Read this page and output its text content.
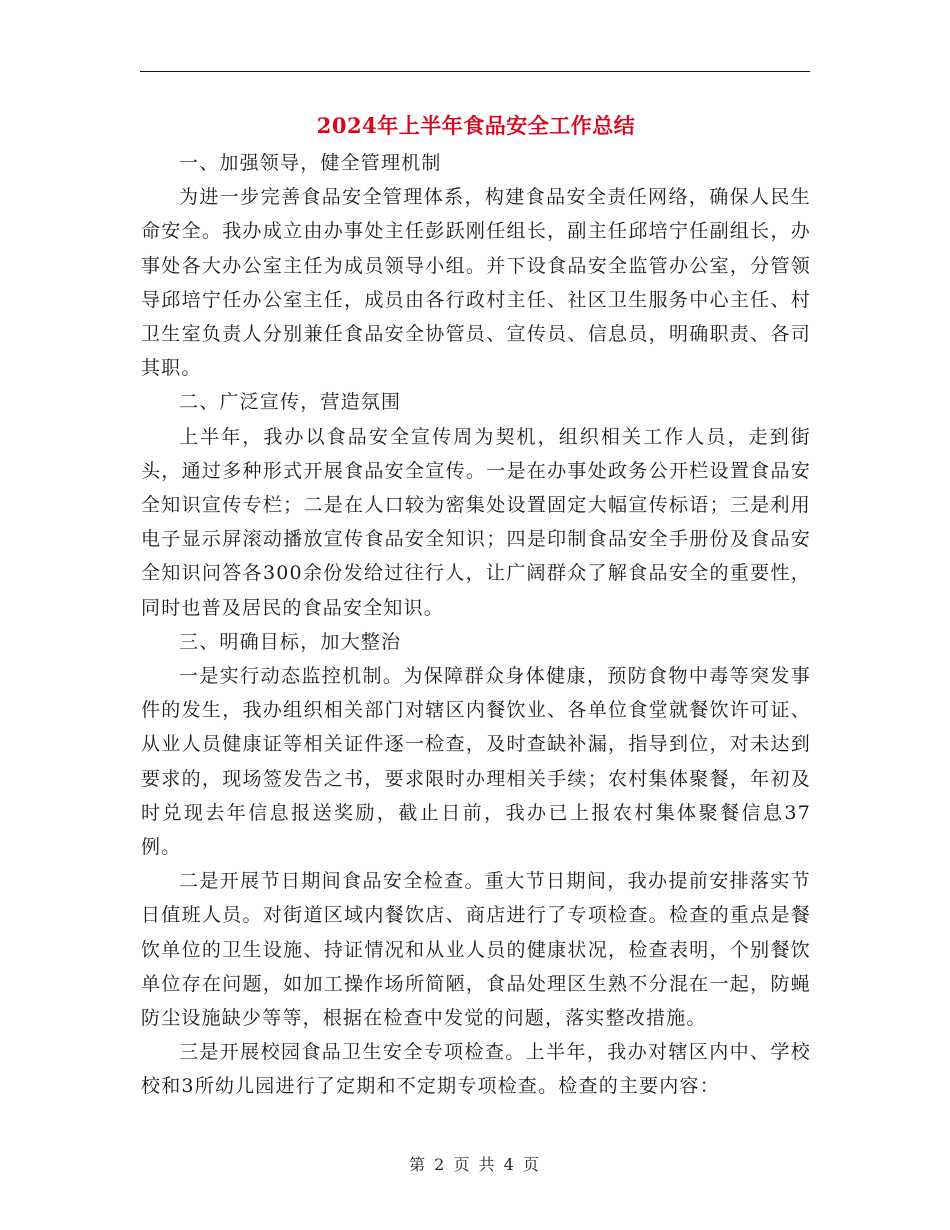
2024年上半年食品安全工作总结

一、加强领导，健全管理机制

为进一步完善食品安全管理体系，构建食品安全责任网络，确保人民生命安全。我办成立由办事处主任彭跃刚任组长，副主任邱培宁任副组长，办事处各大办公室主任为成员领导小组。并下设食品安全监管办公室，分管领导邱培宁任办公室主任，成员由各行政村主任、社区卫生服务中心主任、村卫生室负责人分别兼任食品安全协管员、宣传员、信息员，明确职责、各司其职。

二、广泛宣传，营造氛围

上半年，我办以食品安全宣传周为契机，组织相关工作人员，走到街头，通过多种形式开展食品安全宣传。一是在办事处政务公开栏设置食品安全知识宣传专栏；二是在人口较为密集处设置固定大幅宣传标语；三是利用电子显示屏滚动播放宣传食品安全知识；四是印制食品安全手册份及食品安全知识问答各300余份发给过往行人，让广阔群众了解食品安全的重要性，同时也普及居民的食品安全知识。

三、明确目标，加大整治

一是实行动态监控机制。为保障群众身体健康，预防食物中毒等突发事件的发生，我办组织相关部门对辖区内餐饮业、各单位食堂就餐饮许可证、从业人员健康证等相关证件逐一检查，及时查缺补漏，指导到位，对未达到要求的，现场签发告之书，要求限时办理相关手续；农村集体聚餐，年初及时兑现去年信息报送奖励，截止日前，我办已上报农村集体聚餐信息37例。

二是开展节日期间食品安全检查。重大节日期间，我办提前安排落实节日值班人员。对街道区域内餐饮店、商店进行了专项检查。检查的重点是餐饮单位的卫生设施、持证情况和从业人员的健康状况，检查表明，个别餐饮单位存在问题，如加工操作场所简陋，食品处理区生熟不分混在一起，防蝇防尘设施缺少等等，根据在检查中发觉的问题，落实整改措施。

三是开展校园食品卫生安全专项检查。上半年，我办对辖区内中、学校校和3所幼儿园进行了定期和不定期专项检查。检查的主要内容：

第 2 页 共 4 页
